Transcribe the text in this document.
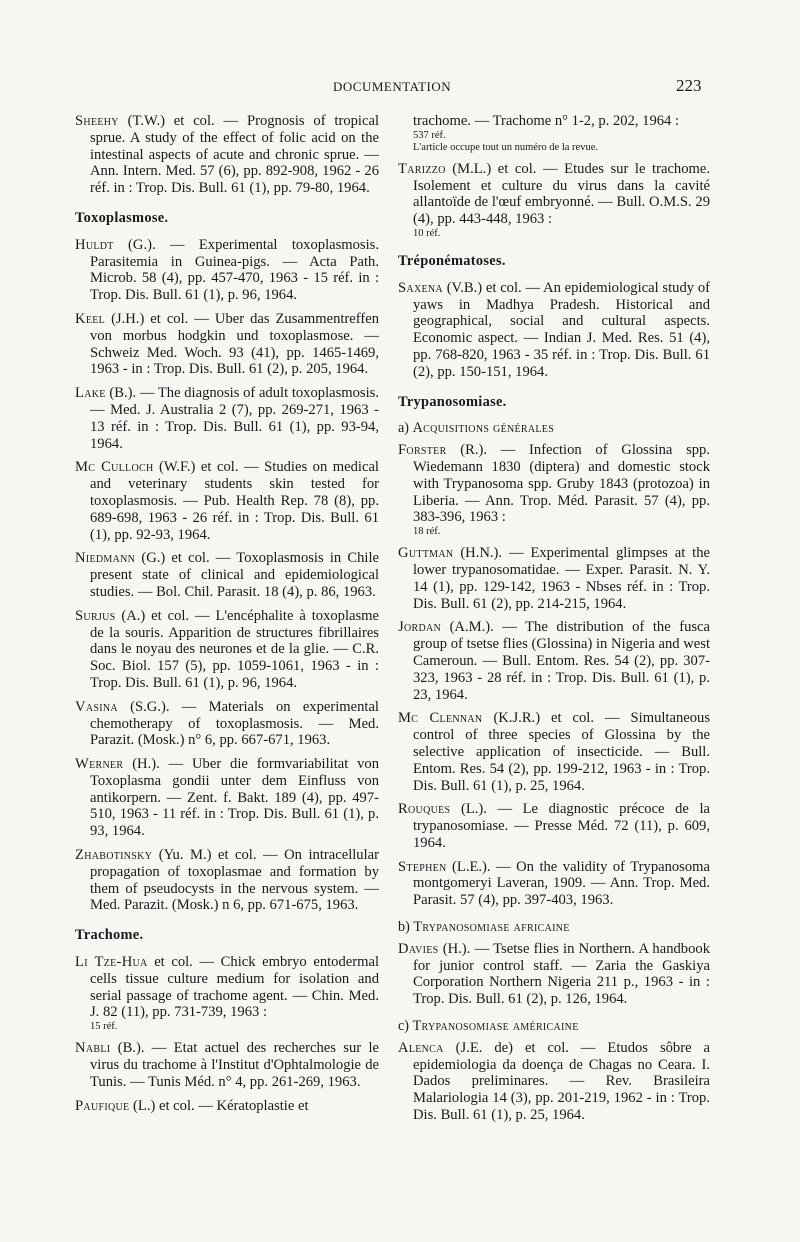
DOCUMENTATION	223
Sheehy (T.W.) et col. — Prognosis of tropical sprue. A study of the effect of folic acid on the intestinal aspects of acute and chronic sprue. — Ann. Intern. Med. 57 (6), pp. 892-908, 1962 - 26 réf. in : Trop. Dis. Bull. 61 (1), pp. 79-80, 1964.
Toxoplasmose.
Huldt (G.). — Experimental toxoplasmosis. Parasitemia in Guinea-pigs. — Acta Path. Microb. 58 (4), pp. 457-470, 1963 - 15 réf. in : Trop. Dis. Bull. 61 (1), p. 96, 1964.
Keel (J.H.) et col. — Uber das Zusammentreffen von morbus hodgkin und toxoplasmose. — Schweiz Med. Woch. 93 (41), pp. 1465-1469, 1963 - in : Trop. Dis. Bull. 61 (2), p. 205, 1964.
Lake (B.). — The diagnosis of adult toxoplasmosis. — Med. J. Australia 2 (7), pp. 269-271, 1963 - 13 réf. in : Trop. Dis. Bull. 61 (1), pp. 93-94, 1964.
Mc Culloch (W.F.) et col. — Studies on medical and veterinary students skin tested for toxoplasmosis. — Pub. Health Rep. 78 (8), pp. 689-698, 1963 - 26 réf. in : Trop. Dis. Bull. 61 (1), pp. 92-93, 1964.
Niedmann (G.) et col. — Toxoplasmosis in Chile present state of clinical and epidemiological studies. — Bol. Chil. Parasit. 18 (4), p. 86, 1963.
Surjus (A.) et col. — L'encéphalite à toxoplasme de la souris. Apparition de structures fibrillaires dans le noyau des neurones et de la glie. — C.R. Soc. Biol. 157 (5), pp. 1059-1061, 1963 - in : Trop. Dis. Bull. 61 (1), p. 96, 1964.
Vasina (S.G.). — Materials on experimental chemotherapy of toxoplasmosis. — Med. Parazit. (Mosk.) n° 6, pp. 667-671, 1963.
Werner (H.). — Uber die formvariabilitat von Toxoplasma gondii unter dem Einfluss von antikorpern. — Zent. f. Bakt. 189 (4), pp. 497-510, 1963 - 11 réf. in : Trop. Dis. Bull. 61 (1), p. 93, 1964.
Zhabotinsky (Yu. M.) et col. — On intracellular propagation of toxoplasmae and formation by them of pseudocysts in the nervous system. — Med. Parazit. (Mosk.) n 6, pp. 671-675, 1963.
Trachome.
Li Tze-Hua et col. — Chick embryo entodermal cells tissue culture medium for isolation and serial passage of trachome agent. — Chin. Med. J. 82 (11), pp. 731-739, 1963 :
15 réf.
Nabli (B.). — Etat actuel des recherches sur le virus du trachome à l'Institut d'Ophtalmologie de Tunis. — Tunis Méd. n° 4, pp. 261-269, 1963.
Paufique (L.) et col. — Kératoplastie et
trachome. — Trachome n° 1-2, p. 202, 1964 :
537 réf.
L'article occupe tout un numéro de la revue.
Tarizzo (M.L.) et col. — Etudes sur le trachome. Isolement et culture du virus dans la cavité allantoïde de l'œuf embryonné. — Bull. O.M.S. 29 (4), pp. 443-448, 1963 :
10 réf.
Tréponématoses.
Saxena (V.B.) et col. — An epidemiological study of yaws in Madhya Pradesh. Historical and geographical, social and cultural aspects. Economic aspect. — Indian J. Med. Res. 51 (4), pp. 768-820, 1963 - 35 réf. in : Trop. Dis. Bull. 61 (2), pp. 150-151, 1964.
Trypanosomiase.
a) Acquisitions générales
Forster (R.). — Infection of Glossina spp. Wiedemann 1830 (diptera) and domestic stock with Trypanosoma spp. Gruby 1843 (protozoa) in Liberia. — Ann. Trop. Méd. Parasit. 57 (4), pp. 383-396, 1963 :
18 réf.
Guttman (H.N.). — Experimental glimpses at the lower trypanosomatidae. — Exper. Parasit. N. Y. 14 (1), pp. 129-142, 1963 - Nbses réf. in : Trop. Dis. Bull. 61 (2), pp. 214-215, 1964.
Jordan (A.M.). — The distribution of the fusca group of tsetse flies (Glossina) in Nigeria and west Cameroun. — Bull. Entom. Res. 54 (2), pp. 307-323, 1963 - 28 réf. in : Trop. Dis. Bull. 61 (1), p. 23, 1964.
Mc Clennan (K.J.R.) et col. — Simultaneous control of three species of Glossina by the selective application of insecticide. — Bull. Entom. Res. 54 (2), pp. 199-212, 1963 - in : Trop. Dis. Bull. 61 (1), p. 25, 1964.
Rouques (L.). — Le diagnostic précoce de la trypanosomiase. — Presse Méd. 72 (11), p. 609, 1964.
Stephen (L.E.). — On the validity of Trypanosoma montgomeryi Laveran, 1909. — Ann. Trop. Med. Parasit. 57 (4), pp. 397-403, 1963.
b) Trypanosomiase africaine
Davies (H.). — Tsetse flies in Northern. A handbook for junior control staff. — Zaria the Gaskiya Corporation Northern Nigeria 211 p., 1963 - in : Trop. Dis. Bull. 61 (2), p. 126, 1964.
c) Trypanosomiase américaine
Alenca (J.E. de) et col. — Etudos sôbre a epidemiologia da doença de Chagas no Ceara. I. Dados preliminares. — Rev. Brasileira Malariologia 14 (3), pp. 201-219, 1962 - in : Trop. Dis. Bull. 61 (1), p. 25, 1964.
